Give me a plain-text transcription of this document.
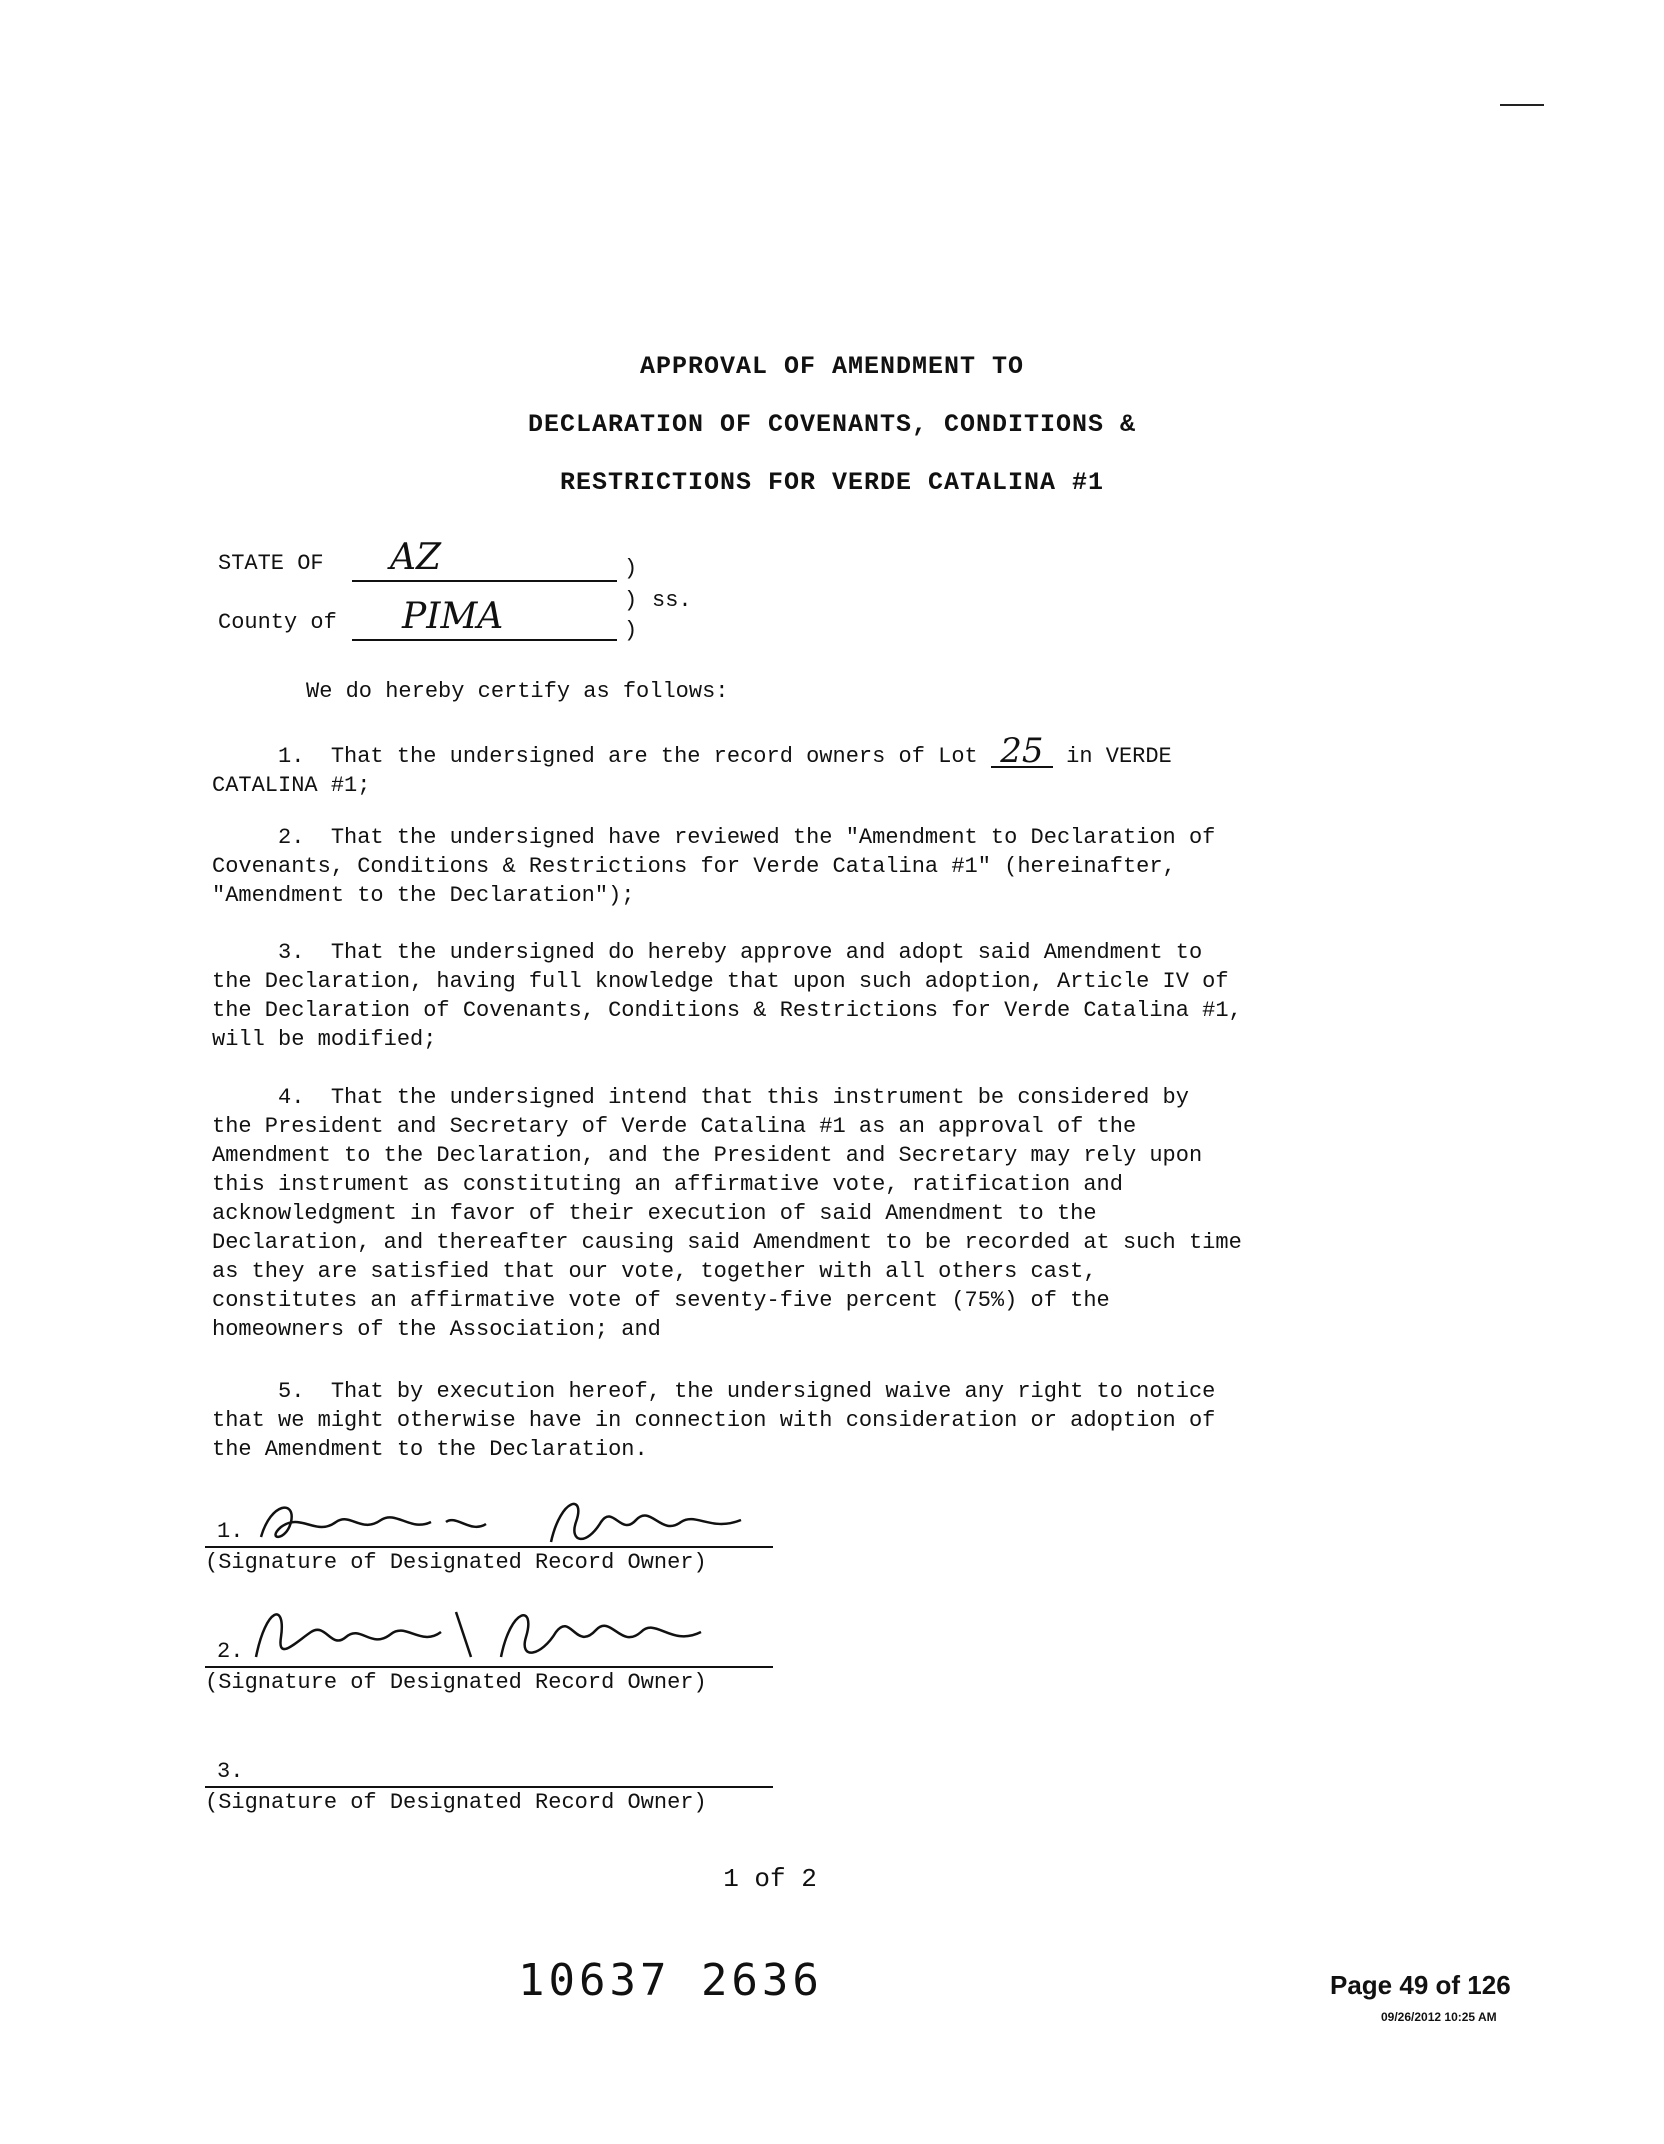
APPROVAL OF AMENDMENT TO
DECLARATION OF COVENANTS, CONDITIONS &
RESTRICTIONS FOR VERDE CATALINA #1
STATE OF AZ	)
)
)
ss.
County of PIMA

We do hereby certify as follows:

1.  That the undersigned are the record owners of Lot 25 in VERDE
CATALINA #1;

2.  That the undersigned have reviewed the "Amendment to Declaration of
Covenants, Conditions & Restrictions for Verde Catalina #1" (hereinafter,
"Amendment to the Declaration");

3.  That the undersigned do hereby approve and adopt said Amendment to
the Declaration, having full knowledge that upon such adoption, Article IV of
the Declaration of Covenants, Conditions & Restrictions for Verde Catalina #1,
will be modified;

4.  That the undersigned intend that this instrument be considered by
the President and Secretary of Verde Catalina #1 as an approval of the
Amendment to the Declaration, and the President and Secretary may rely upon
this instrument as constituting an affirmative vote, ratification and
acknowledgment in favor of their execution of said Amendment to the
Declaration, and thereafter causing said Amendment to be recorded at such time
as they are satisfied that our vote, together with all others cast,
constitutes an affirmative vote of seventy-five percent (75%) of the
homeowners of the Association; and

5.  That by execution hereof, the undersigned waive any right to notice
that we might otherwise have in connection with consideration or adoption of
the Amendment to the Declaration.

1.
(Signature of Designated Record Owner)
2.
(Signature of Designated Record Owner)
3.
(Signature of Designated Record Owner)
1 of 2
10637 2636	Page 49 of 126
09/26/2012 10:25 AM
